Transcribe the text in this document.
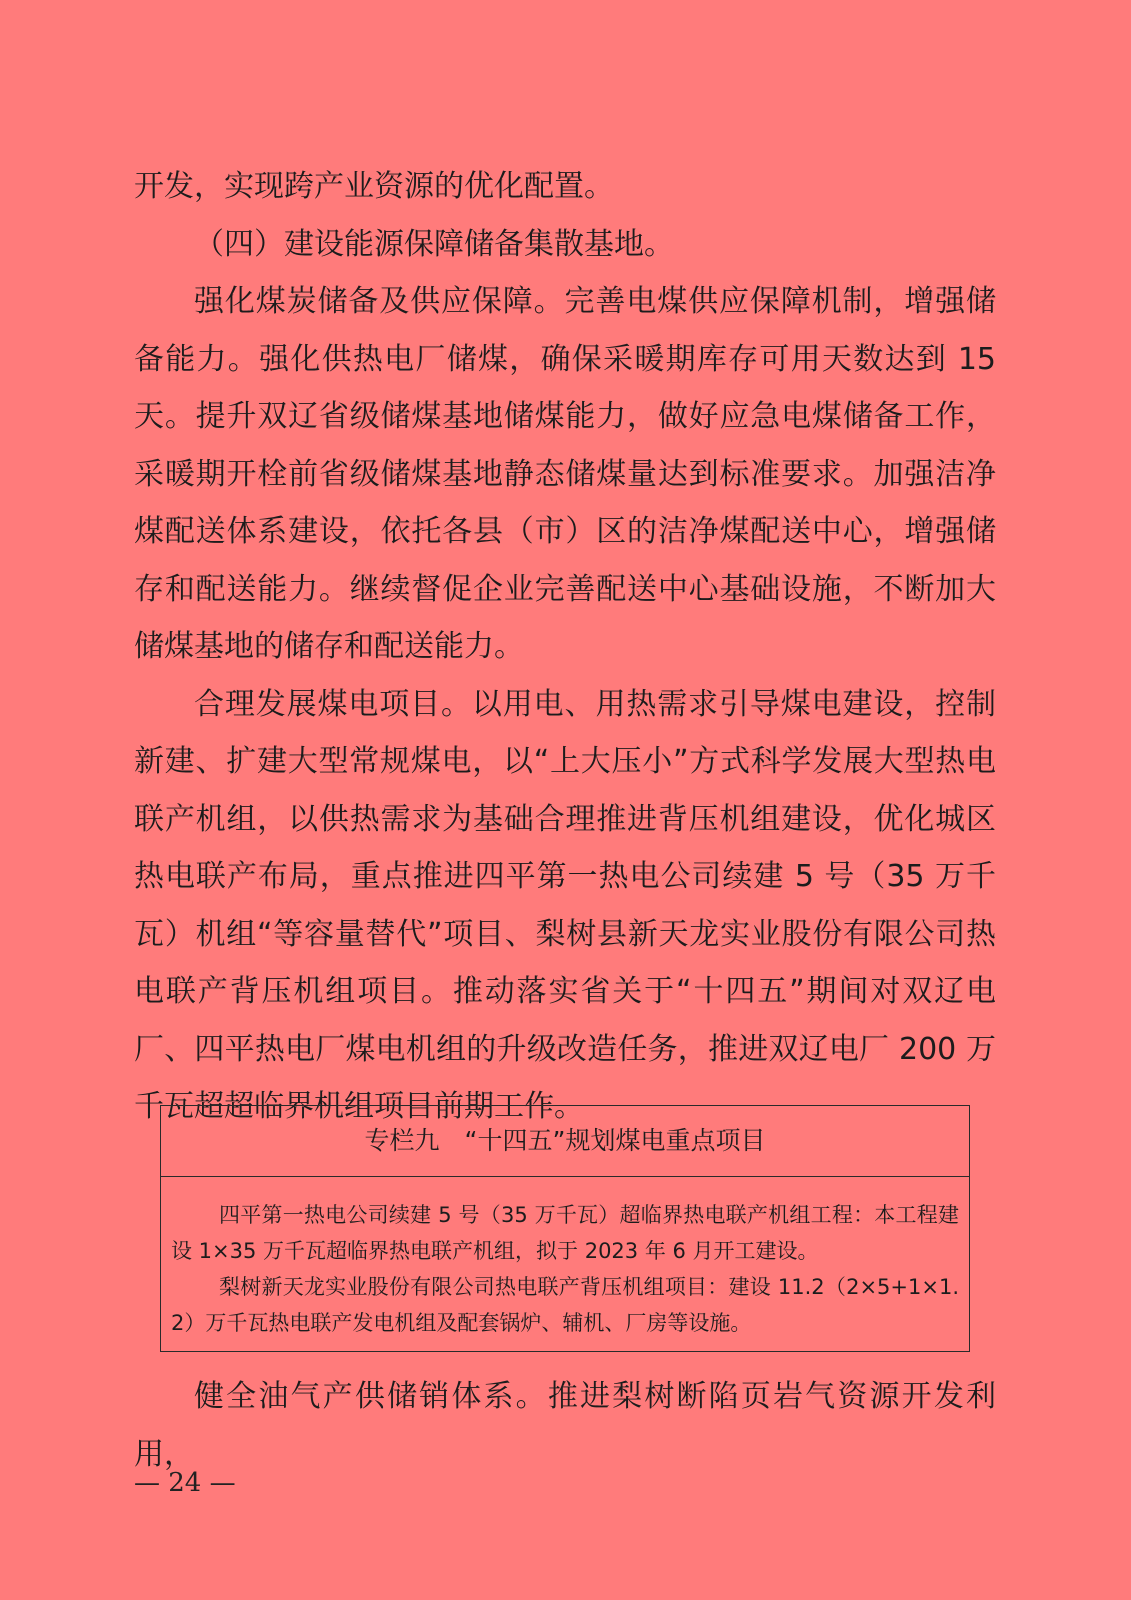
开发，实现跨产业资源的优化配置。

（四）建设能源保障储备集散基地。

强化煤炭储备及供应保障。完善电煤供应保障机制，增强储备能力。强化供热电厂储煤，确保采暖期库存可用天数达到 15 天。提升双辽省级储煤基地储煤能力，做好应急电煤储备工作，采暖期开栓前省级储煤基地静态储煤量达到标准要求。加强洁净煤配送体系建设，依托各县（市）区的洁净煤配送中心，增强储存和配送能力。继续督促企业完善配送中心基础设施，不断加大储煤基地的储存和配送能力。

合理发展煤电项目。以用电、用热需求引导煤电建设，控制新建、扩建大型常规煤电，以“上大压小”方式科学发展大型热电联产机组，以供热需求为基础合理推进背压机组建设，优化城区热电联产布局，重点推进四平第一热电公司续建 5 号（35 万千瓦）机组“等容量替代”项目、梨树县新天龙实业股份有限公司热电联产背压机组项目。推动落实省关于“十四五”期间对双辽电厂、四平热电厂煤电机组的升级改造任务，推进双辽电厂 200 万千瓦超超临界机组项目前期工作。

专栏九　“十四五”规划煤电重点项目

四平第一热电公司续建 5 号（35 万千瓦）超临界热电联产机组工程：本工程建设 1×35 万千瓦超临界热电联产机组，拟于 2023 年 6 月开工建设。

梨树新天龙实业股份有限公司热电联产背压机组项目：建设 11.2（2×5+1×1.2）万千瓦热电联产发电机组及配套锅炉、辅机、厂房等设施。

健全油气产供储销体系。推进梨树断陷页岩气资源开发利用，

— 24 —
